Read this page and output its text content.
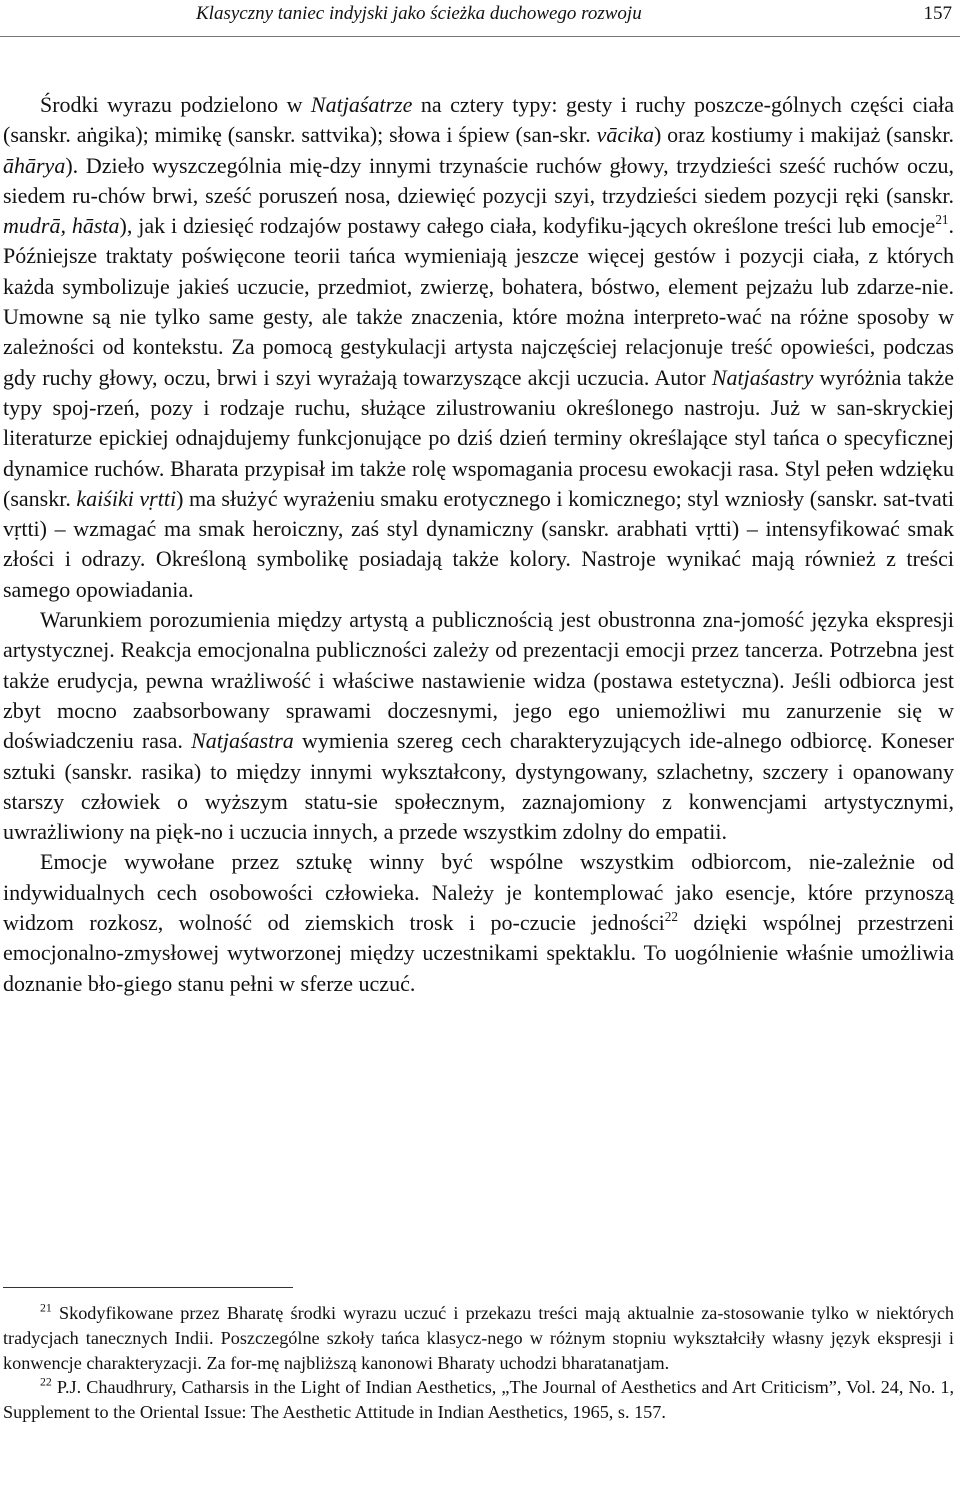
Klasyczny taniec indyjski jako ścieżka duchowego rozwoju	157

Środki wyrazu podzielono w Natjaśatrze na cztery typy: gesty i ruchy poszcze-gólnych części ciała (sanskr. aṅgika); mimikę (sanskr. sattvika); słowa i śpiew (san-skr. vācika) oraz kostiumy i makijaż (sanskr. āhārya). Dzieło wyszczególnia mię-dzy innymi trzynaście ruchów głowy, trzydzieści sześć ruchów oczu, siedem ru-chów brwi, sześć poruszeń nosa, dziewięć pozycji szyi, trzydzieści siedem pozycji ręki (sanskr. mudrā, hāsta), jak i dziesięć rodzajów postawy całego ciała, kodyfiku-jących określone treści lub emocje$^{21}$. Późniejsze traktaty poświęcone teorii tańca wymieniają jeszcze więcej gestów i pozycji ciała, z których każda symbolizuje jakieś uczucie, przedmiot, zwierzę, bohatera, bóstwo, element pejzażu lub zdarze-nie. Umowne są nie tylko same gesty, ale także znaczenia, które można interpreto-wać na różne sposoby w zależności od kontekstu. Za pomocą gestykulacji artysta najczęściej relacjonuje treść opowieści, podczas gdy ruchy głowy, oczu, brwi i szyi wyrażają towarzyszące akcji uczucia. Autor Natjaśastry wyróżnia także typy spoj-rzeń, pozy i rodzaje ruchu, służące zilustrowaniu określonego nastroju. Już w san-skryckiej literaturze epickiej odnajdujemy funkcjonujące po dziś dzień terminy określające styl tańca o specyficznej dynamice ruchów. Bharata przypisał im także rolę wspomagania procesu ewokacji rasa. Styl pełen wdzięku (sanskr. kaiśiki vṛtti) ma służyć wyrażeniu smaku erotycznego i komicznego; styl wzniosły (sanskr. sat-tvati vṛtti) – wzmagać ma smak heroiczny, zaś styl dynamiczny (sanskr. arabhati vṛtti) – intensyfikować smak złości i odrazy. Określoną symbolikę posiadają także kolory. Nastroje wynikać mają również z treści samego opowiadania.

Warunkiem porozumienia między artystą a publicznością jest obustronna zna-jomość języka ekspresji artystycznej. Reakcja emocjonalna publiczności zależy od prezentacji emocji przez tancerza. Potrzebna jest także erudycja, pewna wrażliwość i właściwe nastawienie widza (postawa estetyczna). Jeśli odbiorca jest zbyt mocno zaabsorbowany sprawami doczesnymi, jego ego uniemożliwi mu zanurzenie się w doświadczeniu rasa. Natjaśastra wymienia szereg cech charakteryzujących ide-alnego odbiorcę. Koneser sztuki (sanskr. rasika) to między innymi wykształcony, dystyngowany, szlachetny, szczery i opanowany starszy człowiek o wyższym statu-sie społecznym, zaznajomiony z konwencjami artystycznymi, uwrażliwiony na pięk-no i uczucia innych, a przede wszystkim zdolny do empatii.

Emocje wywołane przez sztukę winny być wspólne wszystkim odbiorcom, nie-zależnie od indywidualnych cech osobowości człowieka. Należy je kontemplować jako esencje, które przynoszą widzom rozkosz, wolność od ziemskich trosk i po-czucie jedności$^{22}$ dzięki wspólnej przestrzeni emocjonalno-zmysłowej wytworzonej między uczestnikami spektaklu. To uogólnienie właśnie umożliwia doznanie bło-giego stanu pełni w sferze uczuć.

$^{21}$ Skodyfikowane przez Bharatę środki wyrazu uczuć i przekazu treści mają aktualnie za-stosowanie tylko w niektórych tradycjach tanecznych Indii. Poszczególne szkoły tańca klasycz-nego w różnym stopniu wykształciły własny język ekspresji i konwencje charakteryzacji. Za for-mę najbliższą kanonowi Bharaty uchodzi bharatanatjam.

$^{22}$ P.J. Chaudhrury, Catharsis in the Light of Indian Aesthetics, „The Journal of Aesthetics and Art Criticism”, Vol. 24, No. 1, Supplement to the Oriental Issue: The Aesthetic Attitude in Indian Aesthetics, 1965, s. 157.
